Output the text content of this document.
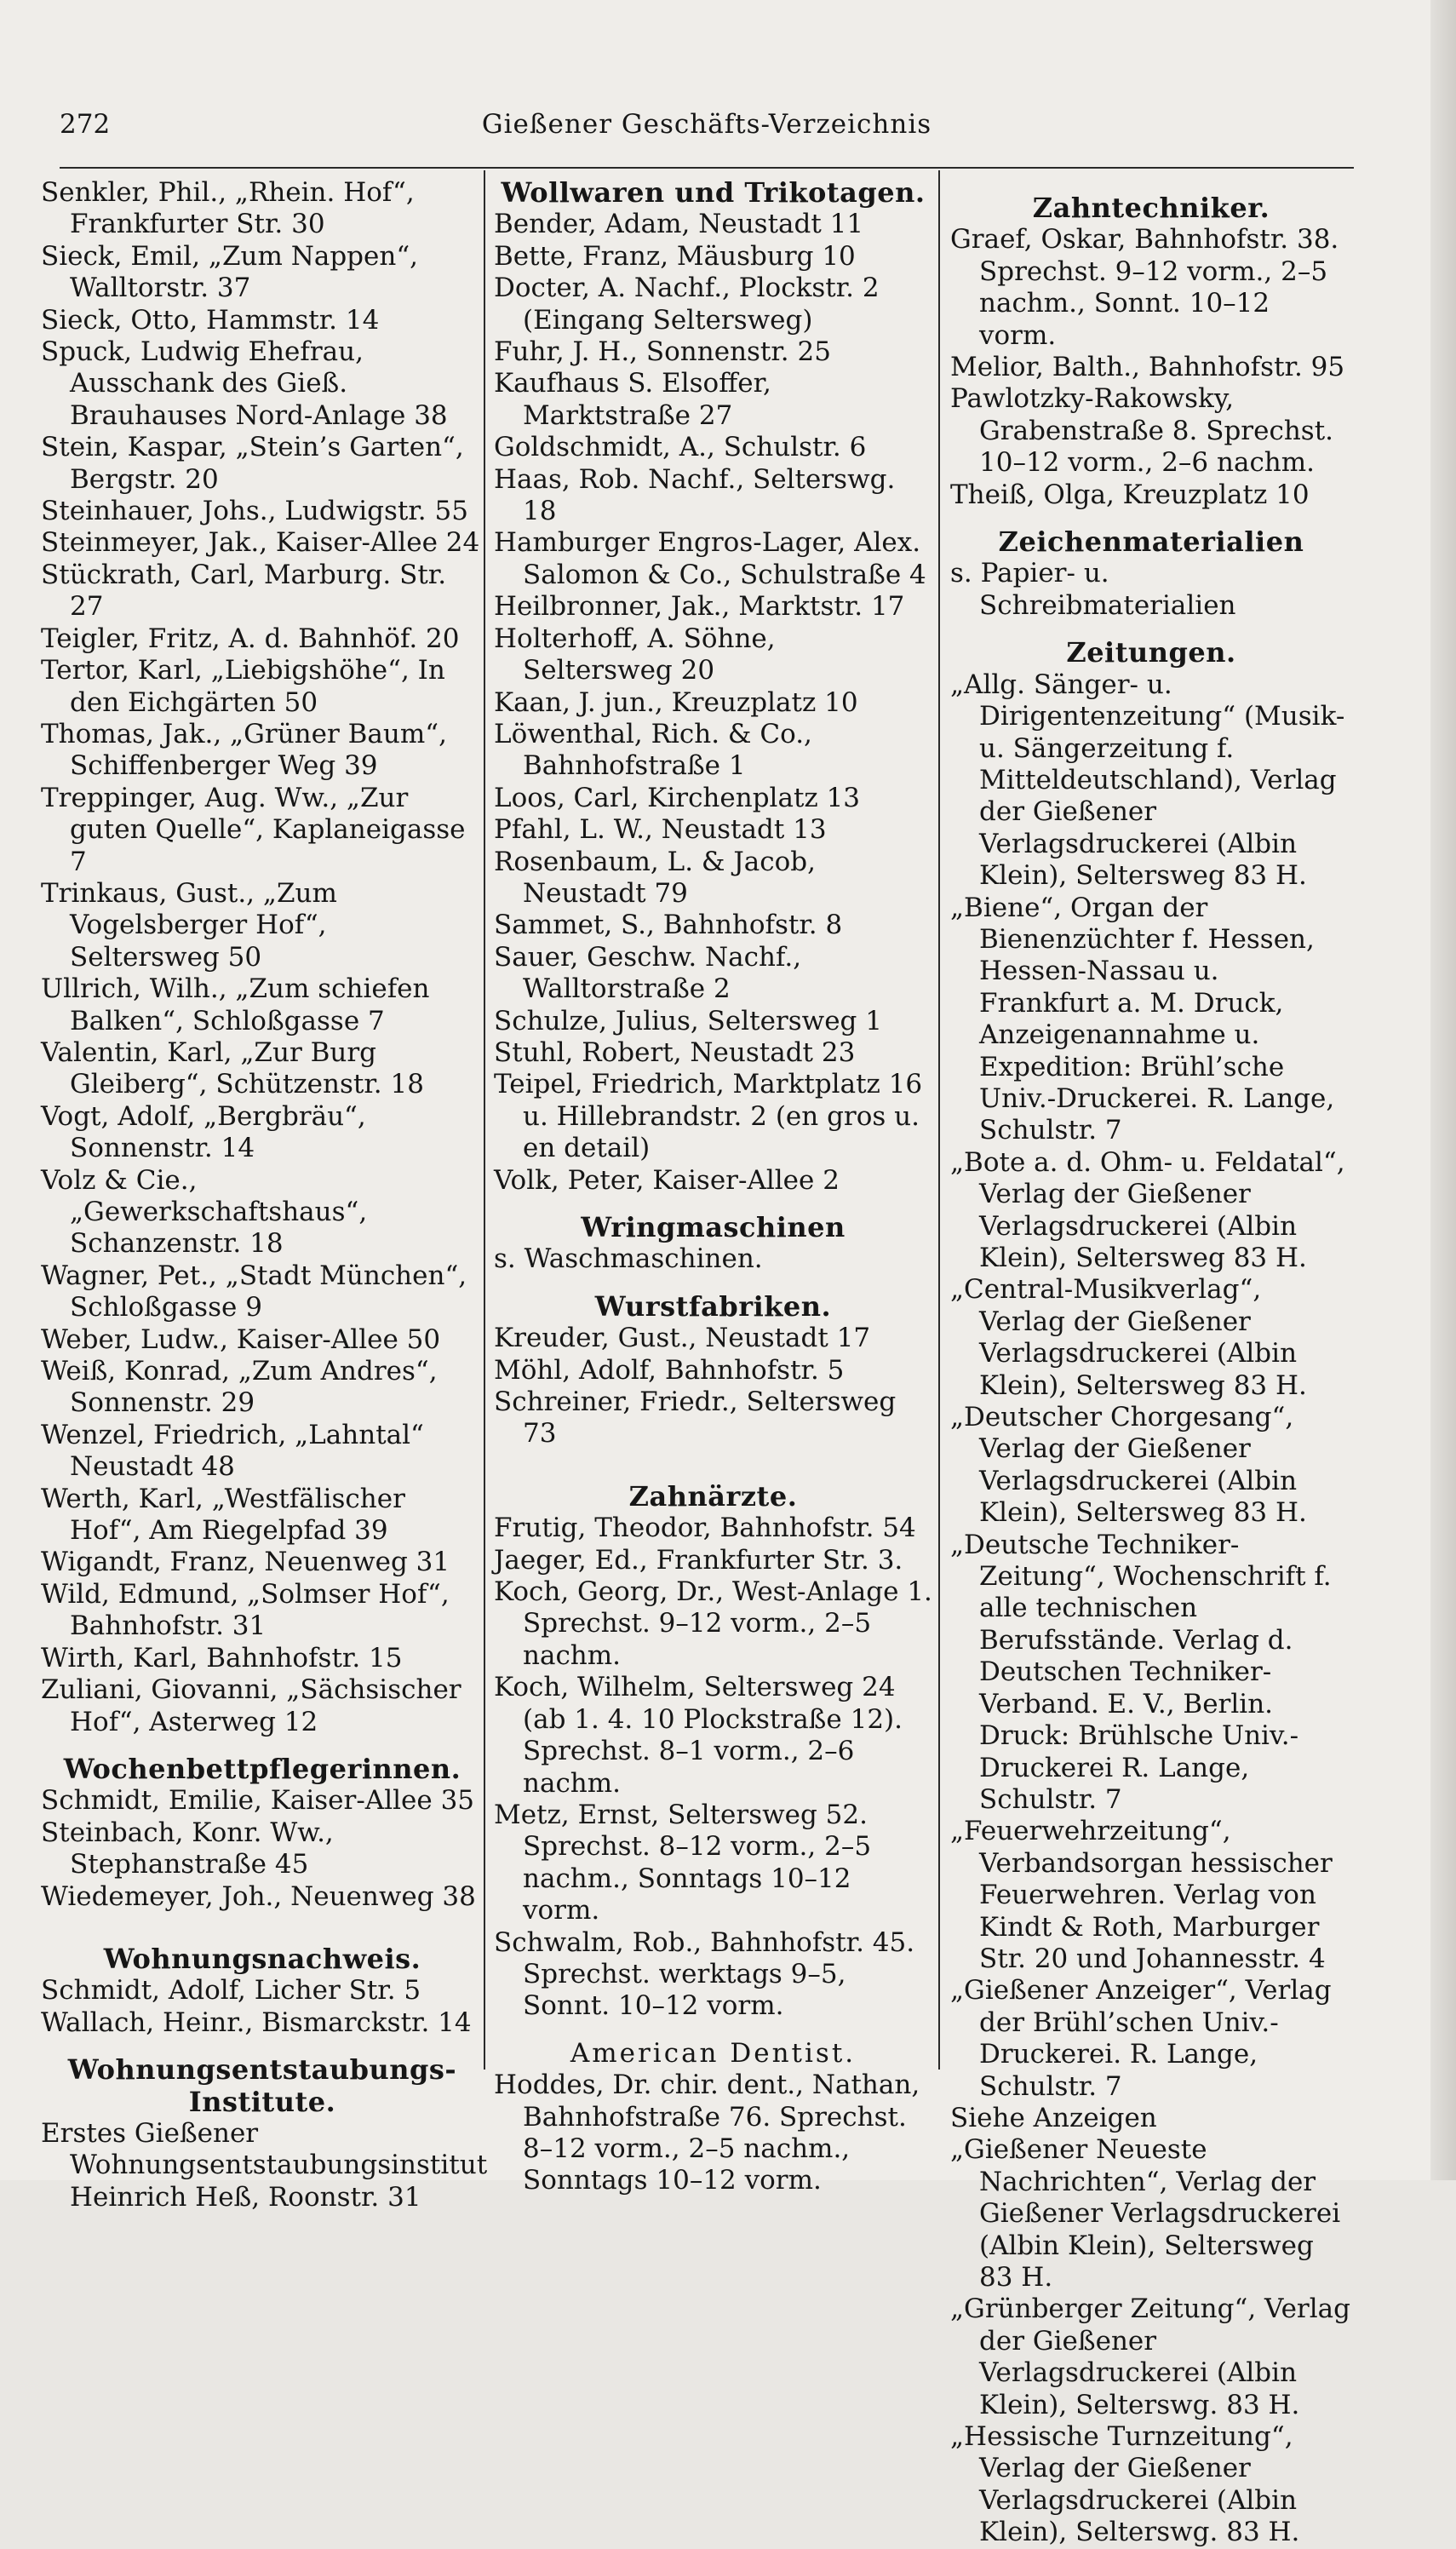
272	Gießener Geschäfts-Verzeichnis

Senkler, Phil., „Rhein. Hof“, Frankfurter Str. 30

Sieck, Emil, „Zum Nappen“, Walltorstr. 37

Sieck, Otto, Hammstr. 14

Spuck, Ludwig Ehefrau, Ausschank des Gieß. Brauhauses Nord-Anlage 38

Stein, Kaspar, „Stein’s Garten“, Bergstr. 20

Steinhauer, Johs., Ludwigstr. 55

Steinmeyer, Jak., Kaiser-Allee 24

Stückrath, Carl, Marburg. Str. 27

Teigler, Fritz, A. d. Bahnhöf. 20

Tertor, Karl, „Liebigshöhe“, In den Eichgärten 50

Thomas, Jak., „Grüner Baum“, Schiffenberger Weg 39

Treppinger, Aug. Ww., „Zur guten Quelle“, Kaplaneigasse 7

Trinkaus, Gust., „Zum Vogelsberger Hof“, Seltersweg 50

Ullrich, Wilh., „Zum schiefen Balken“, Schloßgasse 7

Valentin, Karl, „Zur Burg Gleiberg“, Schützenstr. 18

Vogt, Adolf, „Bergbräu“, Sonnenstr. 14

Volz & Cie., „Gewerkschaftshaus“, Schanzenstr. 18

Wagner, Pet., „Stadt München“, Schloßgasse 9

Weber, Ludw., Kaiser-Allee 50

Weiß, Konrad, „Zum Andres“, Sonnenstr. 29

Wenzel, Friedrich, „Lahntal“ Neustadt 48

Werth, Karl, „Westfälischer Hof“, Am Riegelpfad 39

Wigandt, Franz, Neuenweg 31

Wild, Edmund, „Solmser Hof“, Bahnhofstr. 31

Wirth, Karl, Bahnhofstr. 15

Zuliani, Giovanni, „Sächsischer Hof“, Asterweg 12

Wochenbettpflegerinnen.

Schmidt, Emilie, Kaiser-Allee 35

Steinbach, Konr. Ww., Stephanstraße 45

Wiedemeyer, Joh., Neuenweg 38

Wohnungsnachweis.

Schmidt, Adolf, Licher Str. 5

Wallach, Heinr., Bismarckstr. 14

Wohnungsentstaubungs-Institute.

Erstes Gießener Wohnungsentstaubungsinstitut Heinrich Heß, Roonstr. 31

Wollwaren und Trikotagen.

Bender, Adam, Neustadt 11

Bette, Franz, Mäusburg 10

Docter, A. Nachf., Plockstr. 2 (Eingang Seltersweg)

Fuhr, J. H., Sonnenstr. 25

Kaufhaus S. Elsoffer, Marktstraße 27

Goldschmidt, A., Schulstr. 6

Haas, Rob. Nachf., Selterswg. 18

Hamburger Engros-Lager, Alex. Salomon & Co., Schulstraße 4

Heilbronner, Jak., Marktstr. 17

Holterhoff, A. Söhne, Seltersweg 20

Kaan, J. jun., Kreuzplatz 10

Löwenthal, Rich. & Co., Bahnhofstraße 1

Loos, Carl, Kirchenplatz 13

Pfahl, L. W., Neustadt 13

Rosenbaum, L. & Jacob, Neustadt 79

Sammet, S., Bahnhofstr. 8

Sauer, Geschw. Nachf., Walltorstraße 2

Schulze, Julius, Seltersweg 1

Stuhl, Robert, Neustadt 23

Teipel, Friedrich, Marktplatz 16 u. Hillebrandstr. 2 (en gros u. en detail)

Volk, Peter, Kaiser-Allee 2

Wringmaschinen

s. Waschmaschinen.

Wurstfabriken.

Kreuder, Gust., Neustadt 17

Möhl, Adolf, Bahnhofstr. 5

Schreiner, Friedr., Seltersweg 73

Zahnärzte.

Frutig, Theodor, Bahnhofstr. 54

Jaeger, Ed., Frankfurter Str. 3.

Koch, Georg, Dr., West-Anlage 1. Sprechst. 9–12 vorm., 2–5 nachm.

Koch, Wilhelm, Seltersweg 24 (ab 1. 4. 10 Plockstraße 12). Sprechst. 8–1 vorm., 2–6 nachm.

Metz, Ernst, Seltersweg 52. Sprechst. 8–12 vorm., 2–5 nachm., Sonntags 10–12 vorm.

Schwalm, Rob., Bahnhofstr. 45. Sprechst. werktags 9–5, Sonnt. 10–12 vorm.

American Dentist.

Hoddes, Dr. chir. dent., Nathan, Bahnhofstraße 76. Sprechst. 8–12 vorm., 2–5 nachm., Sonntags 10–12 vorm.

Zahntechniker.

Graef, Oskar, Bahnhofstr. 38. Sprechst. 9–12 vorm., 2–5 nachm., Sonnt. 10–12 vorm.

Melior, Balth., Bahnhofstr. 95

Pawlotzky-Rakowsky, Grabenstraße 8. Sprechst. 10–12 vorm., 2–6 nachm.

Theiß, Olga, Kreuzplatz 10

Zeichenmaterialien

s. Papier- u. Schreibmaterialien

Zeitungen.

„Allg. Sänger- u. Dirigentenzeitung“ (Musik- u. Sängerzeitung f. Mitteldeutschland), Verlag der Gießener Verlagsdruckerei (Albin Klein), Seltersweg 83 H.

„Biene“, Organ der Bienenzüchter f. Hessen, Hessen-Nassau u. Frankfurt a. M. Druck, Anzeigenannahme u. Expedition: Brühl’sche Univ.-Druckerei. R. Lange, Schulstr. 7

„Bote a. d. Ohm- u. Feldatal“, Verlag der Gießener Verlagsdruckerei (Albin Klein), Seltersweg 83 H.

„Central-Musikverlag“, Verlag der Gießener Verlagsdruckerei (Albin Klein), Seltersweg 83 H.

„Deutscher Chorgesang“, Verlag der Gießener Verlagsdruckerei (Albin Klein), Seltersweg 83 H.

„Deutsche Techniker-Zeitung“, Wochenschrift f. alle technischen Berufsstände. Verlag d. Deutschen Techniker-Verband. E. V., Berlin. Druck: Brühlsche Univ.-Druckerei R. Lange, Schulstr. 7

„Feuerwehrzeitung“, Verbandsorgan hessischer Feuerwehren. Verlag von Kindt & Roth, Marburger Str. 20 und Johannesstr. 4

„Gießener Anzeiger“, Verlag der Brühl’schen Univ.-Druckerei. R. Lange, Schulstr. 7

Siehe Anzeigen

„Gießener Neueste Nachrichten“, Verlag der Gießener Verlagsdruckerei (Albin Klein), Seltersweg 83 H.

„Grünberger Zeitung“, Verlag der Gießener Verlagsdruckerei (Albin Klein), Selterswg. 83 H.

„Hessische Turnzeitung“, Verlag der Gießener Verlagsdruckerei (Albin Klein), Selterswg. 83 H.
